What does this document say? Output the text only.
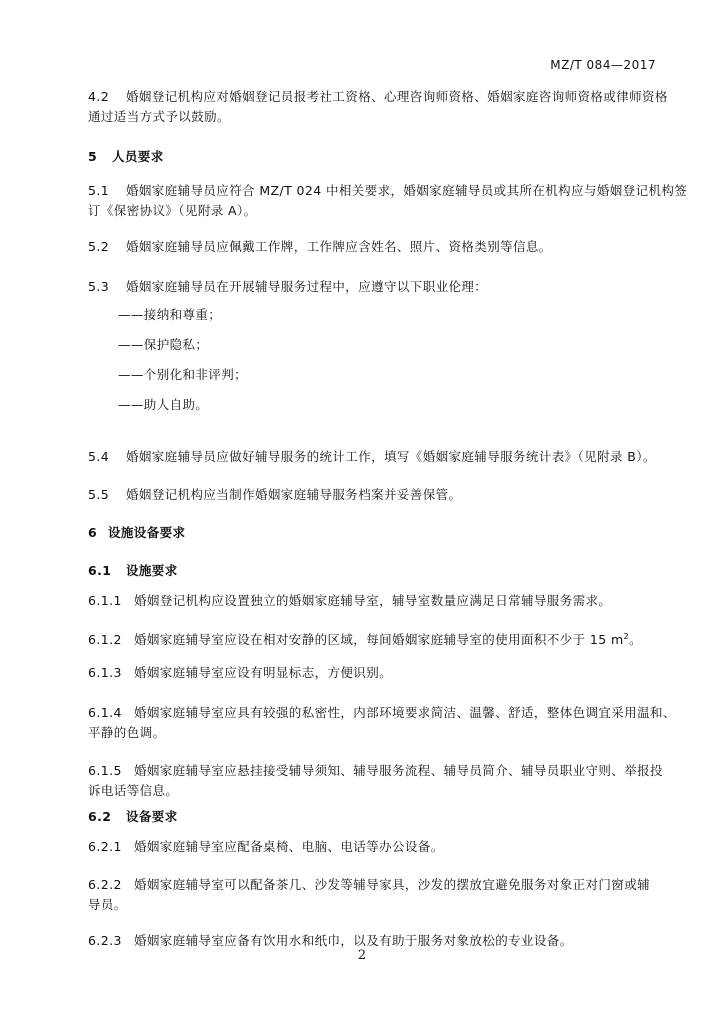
MZ/T 084—2017
4.2 婚姻登记机构应对婚姻登记员报考社工资格、心理咨询师资格、婚姻家庭咨询师资格或律师资格
通过适当方式予以鼓励。
5 人员要求
5.1 婚姻家庭辅导员应符合 MZ/T 024 中相关要求，婚姻家庭辅导员或其所在机构应与婚姻登记机构签
订《保密协议》（见附录 A）。
5.2 婚姻家庭辅导员应佩戴工作牌，工作牌应含姓名、照片、资格类别等信息。
5.3 婚姻家庭辅导员在开展辅导服务过程中，应遵守以下职业伦理：
——接纳和尊重；
——保护隐私；
——个别化和非评判；
——助人自助。
5.4 婚姻家庭辅导员应做好辅导服务的统计工作，填写《婚姻家庭辅导服务统计表》（见附录 B）。
5.5 婚姻登记机构应当制作婚姻家庭辅导服务档案并妥善保管。
6 设施设备要求
6.1 设施要求
6.1.1 婚姻登记机构应设置独立的婚姻家庭辅导室，辅导室数量应满足日常辅导服务需求。
6.1.2 婚姻家庭辅导室应设在相对安静的区域，每间婚姻家庭辅导室的使用面积不少于 15 $m^2$。
6.1.3 婚姻家庭辅导室应设有明显标志，方便识别。
6.1.4 婚姻家庭辅导室应具有较强的私密性，内部环境要求简洁、温馨、舒适，整体色调宜采用温和、
平静的色调。
6.1.5 婚姻家庭辅导室应悬挂接受辅导须知、辅导服务流程、辅导员简介、辅导员职业守则、举报投
诉电话等信息。
6.2 设备要求
6.2.1 婚姻家庭辅导室应配备桌椅、电脑、电话等办公设备。
6.2.2 婚姻家庭辅导室可以配备茶几、沙发等辅导家具，沙发的摆放宜避免服务对象正对门窗或辅
导员。
6.2.3 婚姻家庭辅导室应备有饮用水和纸巾，以及有助于服务对象放松的专业设备。
2
